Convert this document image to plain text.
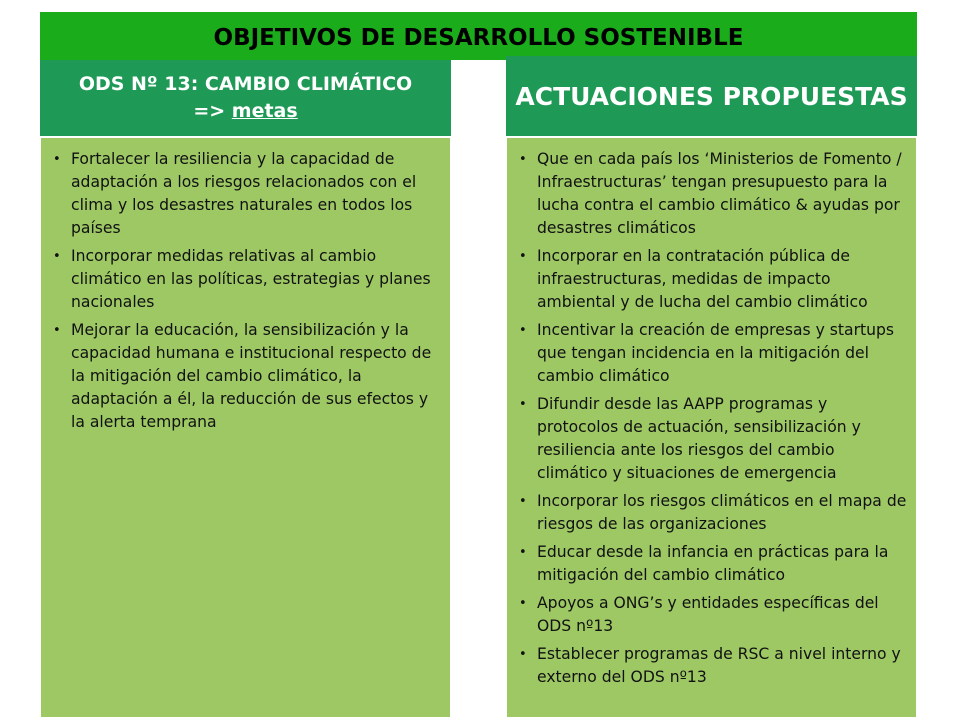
OBJETIVOS DE DESARROLLO SOSTENIBLE
ODS Nº 13: CAMBIO CLIMÁTICO
=> metas
ACTUACIONES PROPUESTAS
• Fortalecer la resiliencia y la capacidad de adaptación a los riesgos relacionados con el clima y los desastres naturales en todos los países
• Incorporar medidas relativas al cambio climático en las políticas, estrategias y planes nacionales
• Mejorar la educación, la sensibilización y la capacidad humana e institucional respecto de la mitigación del cambio climático, la adaptación a él, la reducción de sus efectos y la alerta temprana
• Que en cada país los ‘Ministerios de Fomento / Infraestructuras’ tengan presupuesto para la lucha contra el cambio climático & ayudas por desastres climáticos
• Incorporar en la contratación pública de infraestructuras, medidas de impacto ambiental y de lucha del cambio climático
• Incentivar la creación de empresas y startups que tengan incidencia en la mitigación del cambio climático
• Difundir desde las AAPP programas y protocolos de actuación, sensibilización y resiliencia ante los riesgos del cambio climático y situaciones de emergencia
• Incorporar los riesgos climáticos en el mapa de riesgos de las organizaciones
• Educar desde la infancia en prácticas para la mitigación del cambio climático
• Apoyos a ONG’s y entidades específicas del ODS nº13
• Establecer programas de RSC a nivel interno y externo del ODS nº13
